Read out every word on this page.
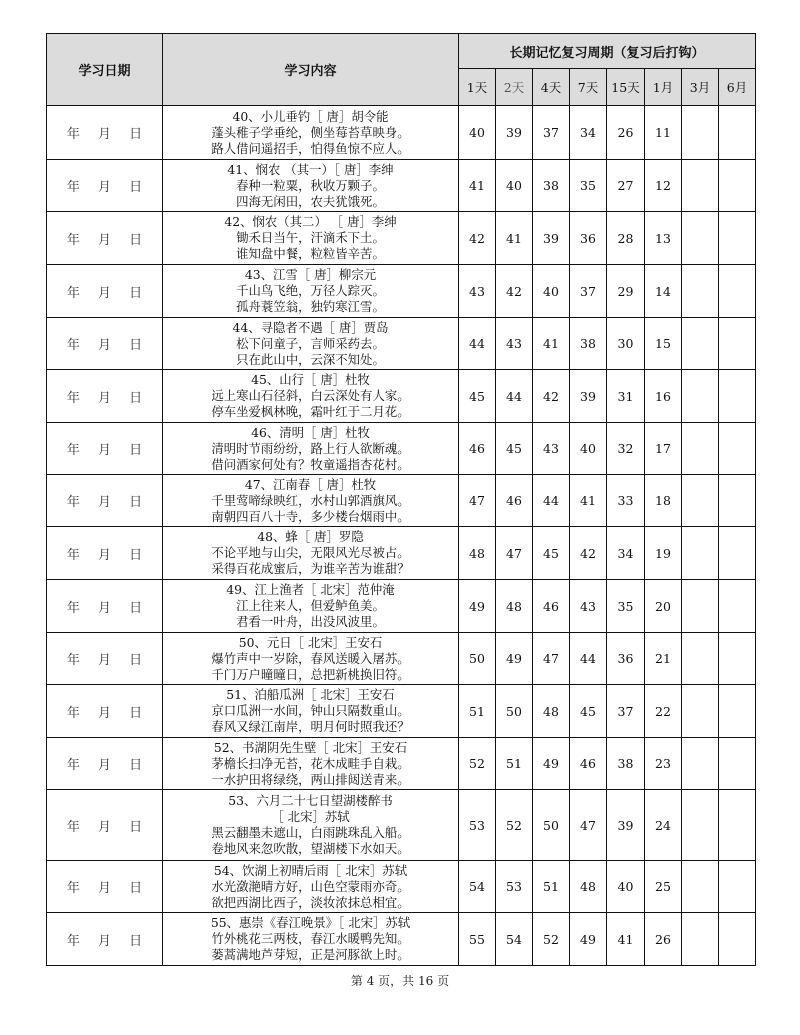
学习日期	学习内容	长期记忆复习周期（复习后打钩）							
		1天	2天	4天	7天	15天	1月	3月	6月
年 月 日	40、小儿垂钓［ 唐］胡令能
蓬头稚子学垂纶，侧坐莓苔草映身。
路人借问遥招手，怕得鱼惊不应人。	40	39	37	34	26	11		
年 月 日	41、悯农 （其一）［ 唐］李绅
春种一粒粟，秋收万颗子。
四海无闲田，农夫犹饿死。	41	40	38	35	27	12		
年 月 日	42、悯农（其二） ［ 唐］李绅
锄禾日当午，汗滴禾下土。
谁知盘中餐，粒粒皆辛苦。	42	41	39	36	28	13		
年 月 日	43、江雪［ 唐］柳宗元
千山鸟飞绝，万径人踪灭。
孤舟蓑笠翁，独钓寒江雪。	43	42	40	37	29	14		
年 月 日	44、寻隐者不遇［ 唐］贾岛
松下问童子，言师采药去。
只在此山中，云深不知处。	44	43	41	38	30	15		
年 月 日	45、山行［ 唐］杜牧
远上寒山石径斜，白云深处有人家。
停车坐爱枫林晚，霜叶红于二月花。	45	44	42	39	31	16		
年 月 日	46、清明［ 唐］杜牧
清明时节雨纷纷，路上行人欲断魂。
借问酒家何处有？牧童遥指杏花村。	46	45	43	40	32	17		
年 月 日	47、江南春［ 唐］杜牧
千里莺啼绿映红，水村山郭酒旗风。
南朝四百八十寺，多少楼台烟雨中。	47	46	44	41	33	18		
年 月 日	48、蜂［ 唐］罗隐
不论平地与山尖，无限风光尽被占。
采得百花成蜜后，为谁辛苦为谁甜？	48	47	45	42	34	19		
年 月 日	49、江上渔者［ 北宋］范仲淹
江上往来人，但爱鲈鱼美。
君看一叶舟，出没风波里。	49	48	46	43	35	20		
年 月 日	50、元日［ 北宋］王安石
爆竹声中一岁除，春风送暖入屠苏。
千门万户曈曈日，总把新桃换旧符。	50	49	47	44	36	21		
年 月 日	51、泊船瓜洲［ 北宋］王安石
京口瓜洲一水间，钟山只隔数重山。
春风又绿江南岸，明月何时照我还？	51	50	48	45	37	22		
年 月 日	52、书湖阴先生壁［ 北宋］王安石
茅檐长扫净无苔，花木成畦手自栽。
一水护田将绿绕，两山排闼送青来。	52	51	49	46	38	23		
年 月 日	53、六月二十七日望湖楼醉书
［ 北宋］苏轼
黑云翻墨未遮山，白雨跳珠乱入船。
卷地风来忽吹散，望湖楼下水如天。	53	52	50	47	39	24		
年 月 日	54、饮湖上初晴后雨［ 北宋］苏轼
水光潋滟晴方好，山色空蒙雨亦奇。
欲把西湖比西子，淡妆浓抹总相宜。	54	53	51	48	40	25		
年 月 日	55、惠崇《春江晚景》［ 北宋］苏轼
竹外桃花三两枝，春江水暖鸭先知。
蒌蒿满地芦芽短，正是河豚欲上时。	55	54	52	49	41	26		
第 4 页，共 16 页
